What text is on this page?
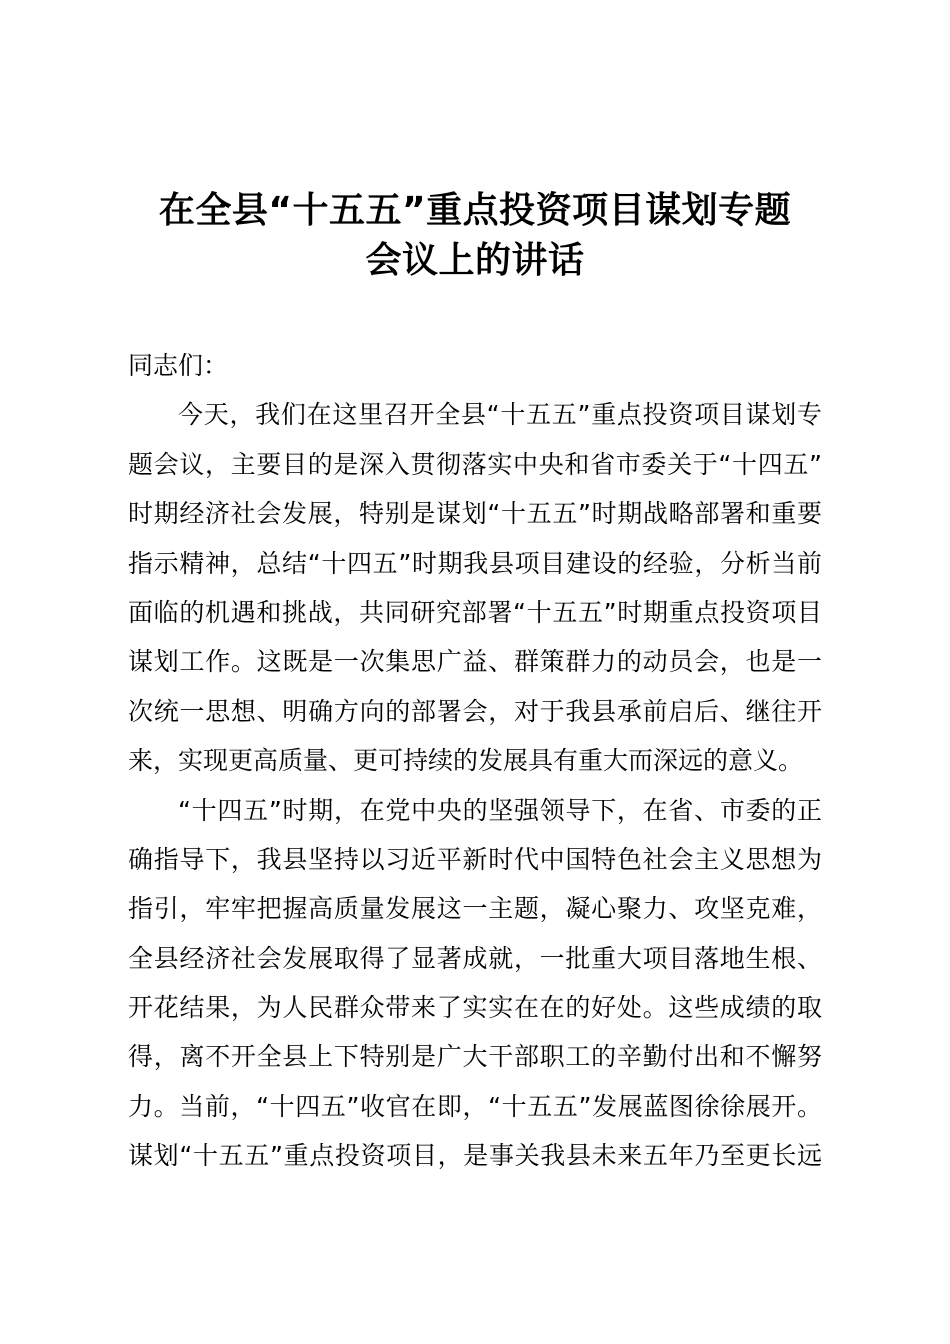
在全县“十五五”重点投资项目谋划专题
会议上的讲话
同志们：
今天，我们在这里召开全县“十五五”重点投资项目谋划专
题会议，主要目的是深入贯彻落实中央和省市委关于“十四五”
时期经济社会发展，特别是谋划“十五五”时期战略部署和重要
指示精神，总结“十四五”时期我县项目建设的经验，分析当前
面临的机遇和挑战，共同研究部署“十五五”时期重点投资项目
谋划工作。这既是一次集思广益、群策群力的动员会，也是一
次统一思想、明确方向的部署会，对于我县承前启后、继往开
来，实现更高质量、更可持续的发展具有重大而深远的意义。
“十四五”时期，在党中央的坚强领导下，在省、市委的正
确指导下，我县坚持以习近平新时代中国特色社会主义思想为
指引，牢牢把握高质量发展这一主题，凝心聚力、攻坚克难，
全县经济社会发展取得了显著成就，一批重大项目落地生根、
开花结果，为人民群众带来了实实在在的好处。这些成绩的取
得，离不开全县上下特别是广大干部职工的辛勤付出和不懈努
力。当前，“十四五”收官在即，“十五五”发展蓝图徐徐展开。
谋划“十五五”重点投资项目，是事关我县未来五年乃至更长远
